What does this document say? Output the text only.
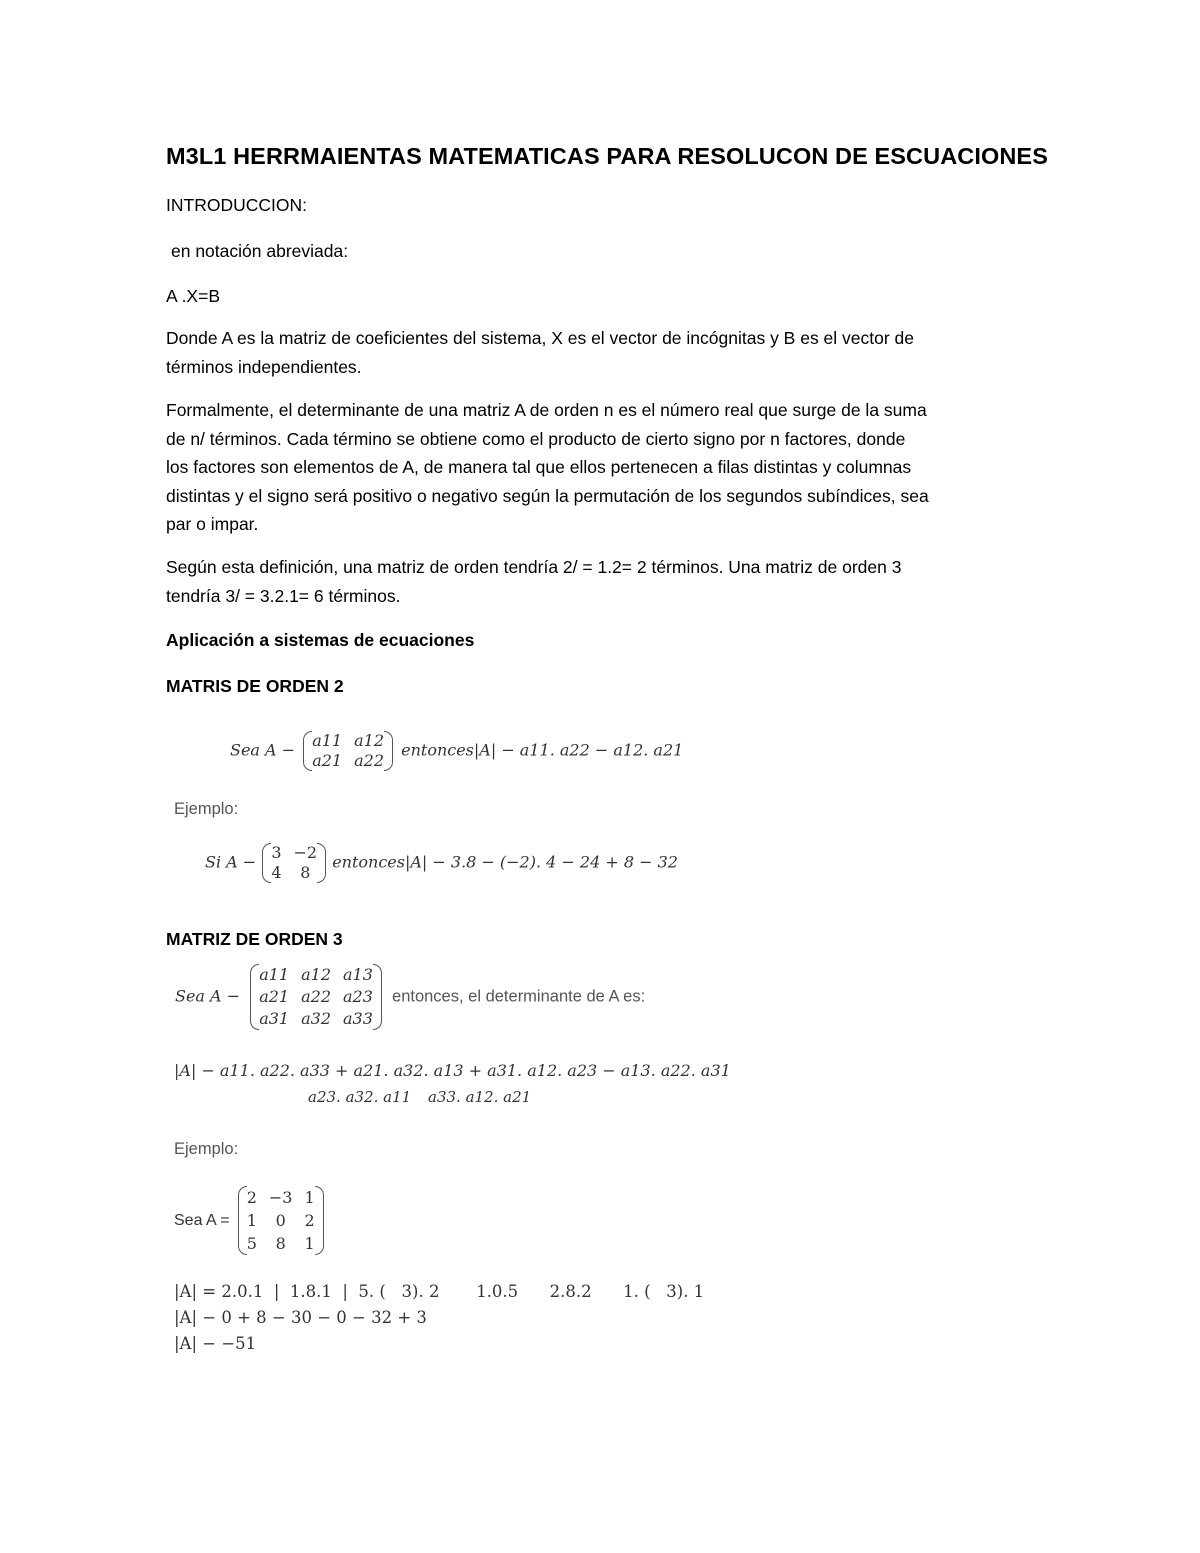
M3L1 HERRMAIENTAS MATEMATICAS PARA RESOLUCON DE ESCUACIONES
INTRODUCCION:
en notación abreviada:
A .X=B
Donde A es la matriz de coeficientes del sistema, X es el vector de incógnitas y B es el vector de
términos independientes.
Formalmente, el determinante de una matriz A de orden n es el número real que surge de la suma
de n/ términos. Cada término se obtiene como el producto de cierto signo por n factores, donde
los factores son elementos de A, de manera tal que ellos pertenecen a filas distintas y columnas
distintas y el signo será positivo o negativo según la permutación de los segundos subíndices, sea
par o impar.
Según esta definición, una matriz de orden tendría 2/ = 1.2= 2 términos. Una matriz de orden 3
tendría 3/ = 3.2.1= 6 términos.
Aplicación a sistemas de ecuaciones
MATRIS DE ORDEN 2
Sea A − a11	a12
a21	a22
entonces|A| − a11. a22 − a12. a21
Ejemplo:
Si A − 3	−2
4	8
entonces|A| − 3.8 − (−2). 4 − 24 + 8 − 32
MATRIZ DE ORDEN 3
Sea A −
a11	a12	a13
a21	a22	a23
a31	a32	a33
entonces, el determinante de A es:
|A| − a11. a22. a33 + a21. a32. a13 + a31. a12. a23 − a13. a22. a31
a23. a32. a11 a33. a12. a21
Ejemplo:
Sea A =
2	−3	1
1	0	2
5	8	1
|A| = 2.0.1  |  1.8.1  |  5. (   3). 2       1.0.5      2.8.2      1. (   3). 1
|A| − 0 + 8 − 30 − 0 − 32 + 3
|A| − −51
